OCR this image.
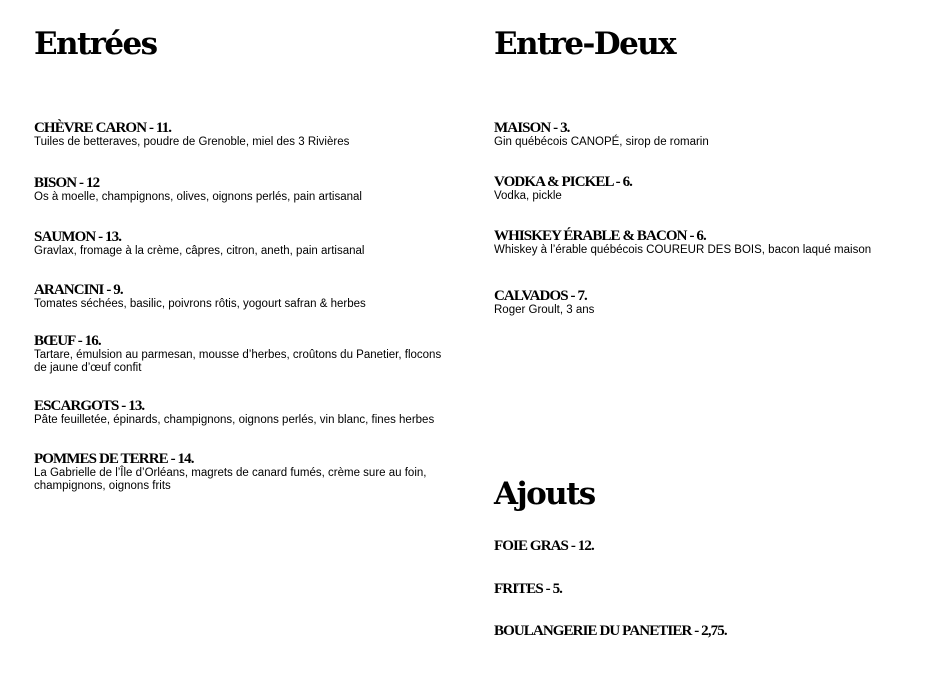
Entrées
CHÈVRE CARON - 11.
Tuiles de betteraves, poudre de Grenoble, miel des 3 Rivières
BISON - 12
Os à moelle, champignons, olives, oignons perlés, pain artisanal
SAUMON - 13.
Gravlax, fromage à la crème, câpres, citron, aneth, pain artisanal
ARANCINI - 9.
Tomates séchées, basilic, poivrons rôtis, yogourt safran & herbes
BŒUF - 16.
Tartare, émulsion au parmesan, mousse d’herbes, croûtons du Panetier, flocons de jaune d’œuf confit
ESCARGOTS - 13.
Pâte feuilletée, épinards, champignons, oignons perlés, vin blanc, fines herbes
POMMES DE TERRE - 14.
La Gabrielle de l’Île d’Orléans, magrets de canard fumés, crème sure au foin, champignons, oignons frits
Entre-Deux
MAISON - 3.
Gin québécois CANOPÉ, sirop de romarin
VODKA & PICKEL - 6.
Vodka, pickle
WHISKEY ÉRABLE & BACON - 6.
Whiskey à l’érable québécois COUREUR DES BOIS, bacon laqué maison
CALVADOS - 7.
Roger Groult, 3 ans
Ajouts
FOIE GRAS - 12.
FRITES - 5.
BOULANGERIE DU PANETIER - 2,75.
